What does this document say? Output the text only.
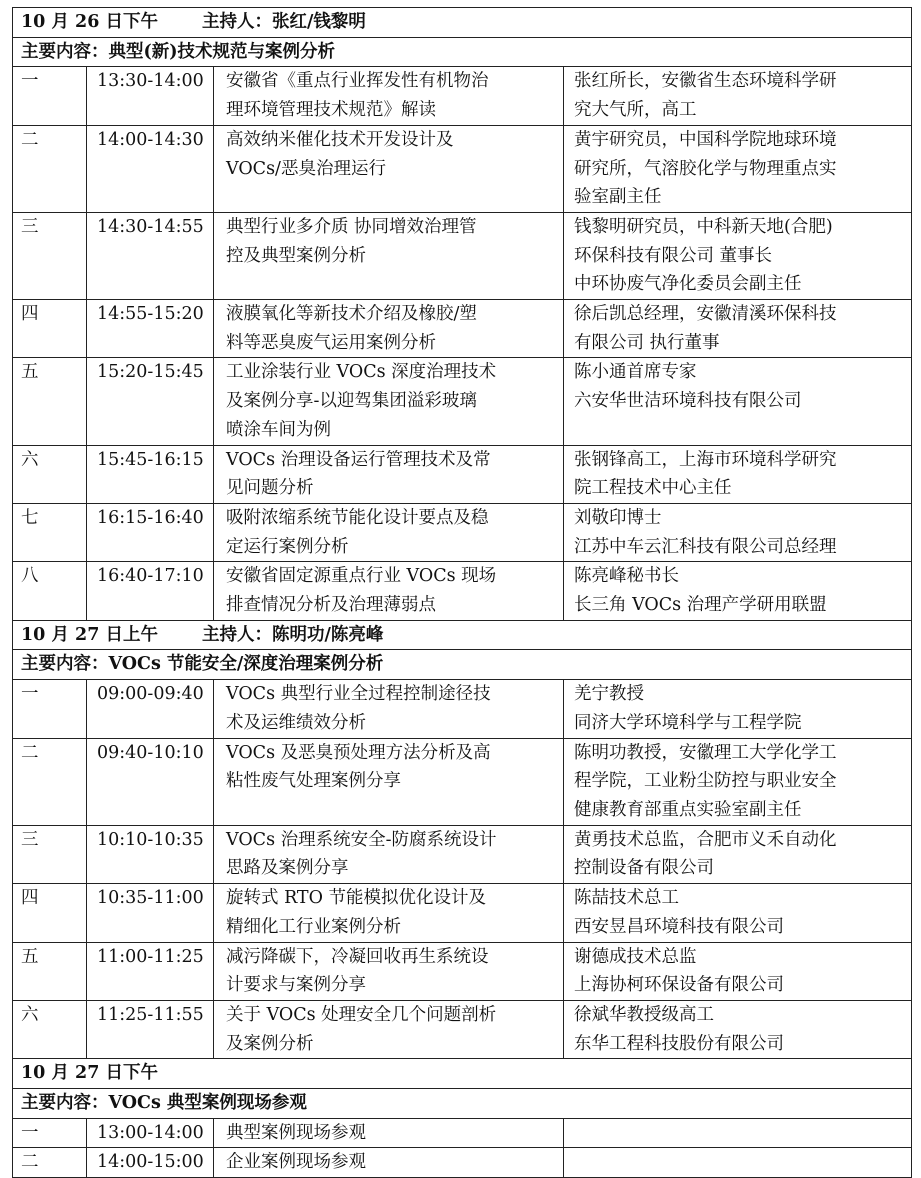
10 月 26 日下午 主持人：张红/钱黎明			
主要内容：典型(新)技术规范与案例分析			
一	13:30-14:00	安徽省《重点行业挥发性有机物治
理环境管理技术规范》解读	张红所长，安徽省生态环境科学研
究大气所，高工

二	14:00-14:30	高效纳米催化技术开发设计及
VOCs/恶臭治理运行	黄宇研究员，中国科学院地球环境
研究所，气溶胶化学与物理重点实
验室副主任

三	14:30-14:55	典型行业多介质 协同增效治理管
控及典型案例分析	钱黎明研究员，中科新天地(合肥)
环保科技有限公司 董事长
中环协废气净化委员会副主任

四	14:55-15:20	液膜氧化等新技术介绍及橡胶/塑
料等恶臭废气运用案例分析	徐后凯总经理，安徽清溪环保科技
有限公司 执行董事

五	15:20-15:45	工业涂装行业 VOCs 深度治理技术
及案例分享-以迎驾集团溢彩玻璃
喷涂车间为例	陈小通首席专家
六安华世洁环境科技有限公司

六	15:45-16:15	VOCs 治理设备运行管理技术及常
见问题分析	张钢锋高工，上海市环境科学研究
院工程技术中心主任

七	16:15-16:40	吸附浓缩系统节能化设计要点及稳
定运行案例分析	刘敬印博士
江苏中车云汇科技有限公司总经理

八	16:40-17:10	安徽省固定源重点行业 VOCs 现场
排查情况分析及治理薄弱点	陈亮峰秘书长
长三角 VOCs 治理产学研用联盟

10 月 27 日上午 主持人：陈明功/陈亮峰			
主要内容：VOCs 节能安全/深度治理案例分析			
一	09:00-09:40	VOCs 典型行业全过程控制途径技
术及运维绩效分析	羌宁教授
同济大学环境科学与工程学院

二	09:40-10:10	VOCs 及恶臭预处理方法分析及高
粘性废气处理案例分享	陈明功教授，安徽理工大学化学工
程学院，工业粉尘防控与职业安全
健康教育部重点实验室副主任

三	10:10-10:35	VOCs 治理系统安全-防腐系统设计
思路及案例分享	黄勇技术总监，合肥市义禾自动化
控制设备有限公司

四	10:35-11:00	旋转式 RTO 节能模拟优化设计及
精细化工行业案例分析	陈喆技术总工
西安昱昌环境科技有限公司

五	11:00-11:25	减污降碳下，冷凝回收再生系统设
计要求与案例分享	谢德成技术总监
上海协柯环保设备有限公司

六	11:25-11:55	关于 VOCs 处理安全几个问题剖析
及案例分析	徐斌华教授级高工
东华工程科技股份有限公司

10 月 27 日下午			
主要内容：VOCs 典型案例现场参观			
一	13:00-14:00	典型案例现场参观	

二	14:00-15:00	企业案例现场参观	
